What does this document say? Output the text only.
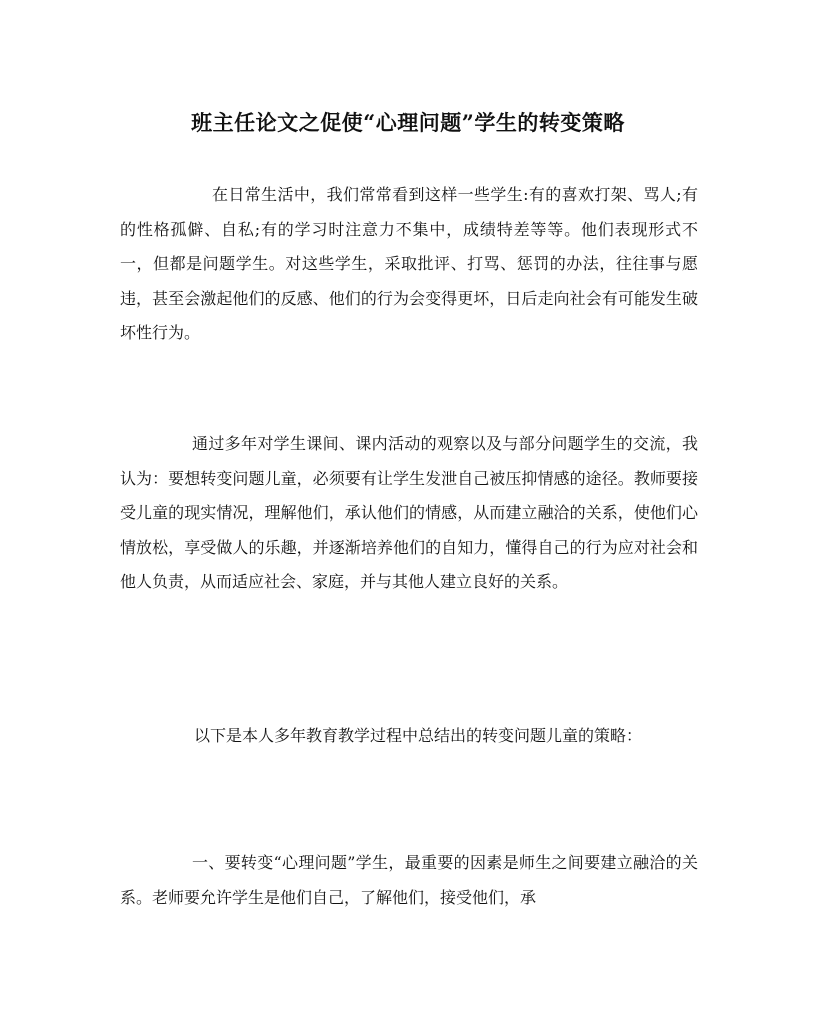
班主任论文之促使“心理问题”学生的转变策略

在日常生活中，我们常常看到这样一些学生:有的喜欢打架、骂人;有的性格孤僻、自私;有的学习时注意力不集中，成绩特差等等。他们表现形式不一，但都是问题学生。对这些学生，采取批评、打骂、惩罚的办法，往往事与愿违，甚至会激起他们的反感、他们的行为会变得更坏，日后走向社会有可能发生破坏性行为。

通过多年对学生课间、课内活动的观察以及与部分问题学生的交流，我认为：要想转变问题儿童，必须要有让学生发泄自己被压抑情感的途径。教师要接受儿童的现实情况，理解他们，承认他们的情感，从而建立融洽的关系，使他们心情放松，享受做人的乐趣，并逐渐培养他们的自知力，懂得自己的行为应对社会和他人负责，从而适应社会、家庭，并与其他人建立良好的关系。

以下是本人多年教育教学过程中总结出的转变问题儿童的策略：

一、要转变“心理问题”学生，最重要的因素是师生之间要建立融洽的关系。老师要允许学生是他们自己，了解他们，接受他们，承
